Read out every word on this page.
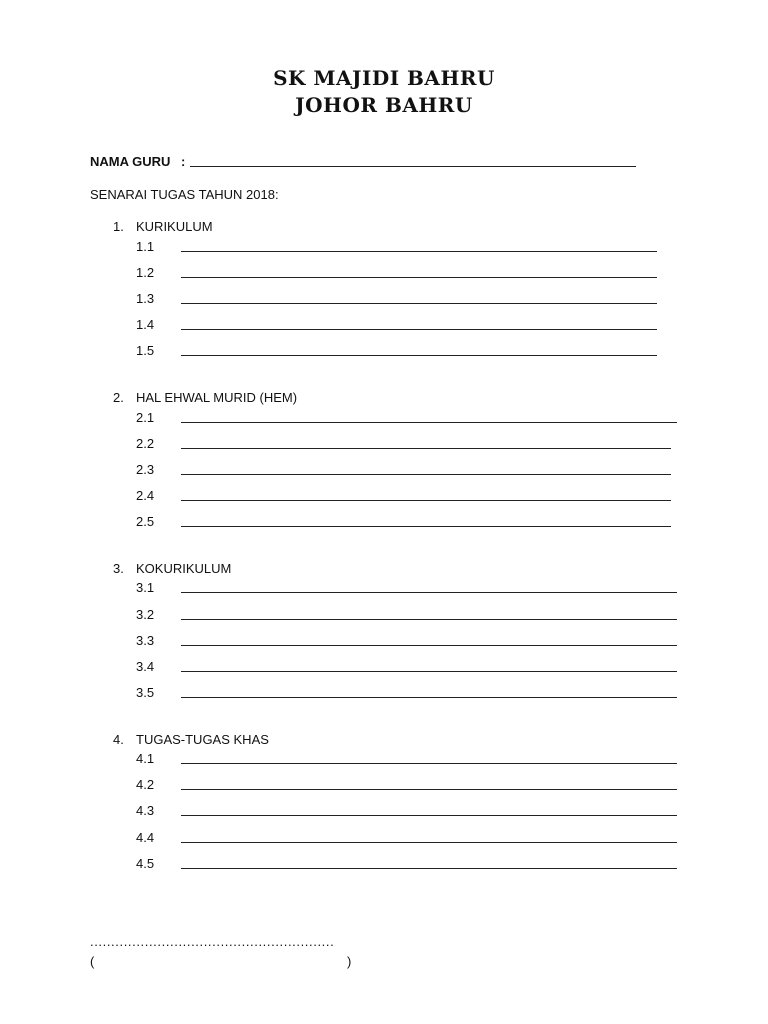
SK MAJIDI BAHRU
JOHOR BAHRU
NAMA GURU :
SENARAI TUGAS TAHUN 2018:
1. KURIKULUM
1.1
1.2
1.3
1.4
1.5
2. HAL EHWAL MURID (HEM)
2.1
2.2
2.3
2.4
2.5
3. KOKURIKULUM
3.1
3.2
3.3
3.4
3.5
4. TUGAS-TUGAS KHAS
4.1
4.2
4.3
4.4
4.5
..........................................................
(	)
